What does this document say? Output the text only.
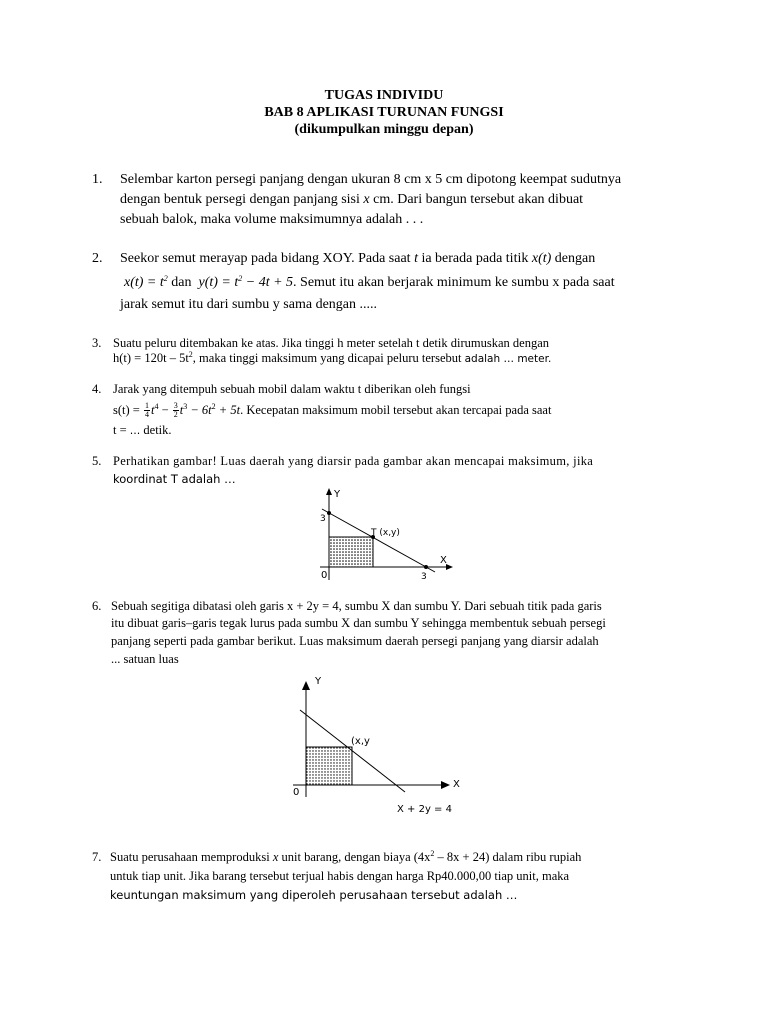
TUGAS INDIVIDU
BAB 8 APLIKASI TURUNAN FUNGSI
(dikumpulkan minggu depan)
1. Selembar karton persegi panjang dengan ukuran 8 cm x 5 cm dipotong keempat sudutnya
dengan bentuk persegi dengan panjang sisi x cm. Dari bangun tersebut akan dibuat
sebuah balok, maka volume maksimumnya adalah . . .
2. Seekor semut merayap pada bidang XOY. Pada saat t ia berada pada titik x(t) dengan
$x(t) = t^2$ dan $y(t) = t^2 - 4t + 5$. Semut itu akan berjarak minimum ke sumbu x pada saat
jarak semut itu dari sumbu y sama dengan .....
3. Suatu peluru ditembakan ke atas. Jika tinggi h meter setelah t detik dirumuskan dengan
$h(t) = 120t - 5t^2$, maka tinggi maksimum yang dicapai peluru tersebut adalah … meter.
4. Jarak yang ditempuh sebuah mobil dalam waktu t diberikan oleh fungsi
$s(t) = \frac{1}{4} t^4 - \frac{3}{2} t^3 - 6t^2 + 5t$. Kecepatan maksimum mobil tersebut akan tercapai pada saat
t = … detik.
5. Perhatikan gambar! Luas daerah yang diarsir pada gambar akan mencapai maksimum, jika
koordinat T adalah …
Y
X
T (x,y)
3
3
0
6. Sebuah segitiga dibatasi oleh garis x + 2y = 4, sumbu X dan sumbu Y. Dari sebuah titik pada garis
itu dibuat garis–garis tegak lurus pada sumbu X dan sumbu Y sehingga membentuk sebuah persegi
panjang seperti pada gambar berikut. Luas maksimum daerah persegi panjang yang diarsir adalah
... satuan luas
Y
X
(x,y
0
X + 2y = 4
7. Suatu perusahaan memproduksi x unit barang, dengan biaya $(4x^2 - 8x + 24)$ dalam ribu rupiah
untuk tiap unit. Jika barang tersebut terjual habis dengan harga Rp40.000,00 tiap unit, maka
keuntungan maksimum yang diperoleh perusahaan tersebut adalah …
